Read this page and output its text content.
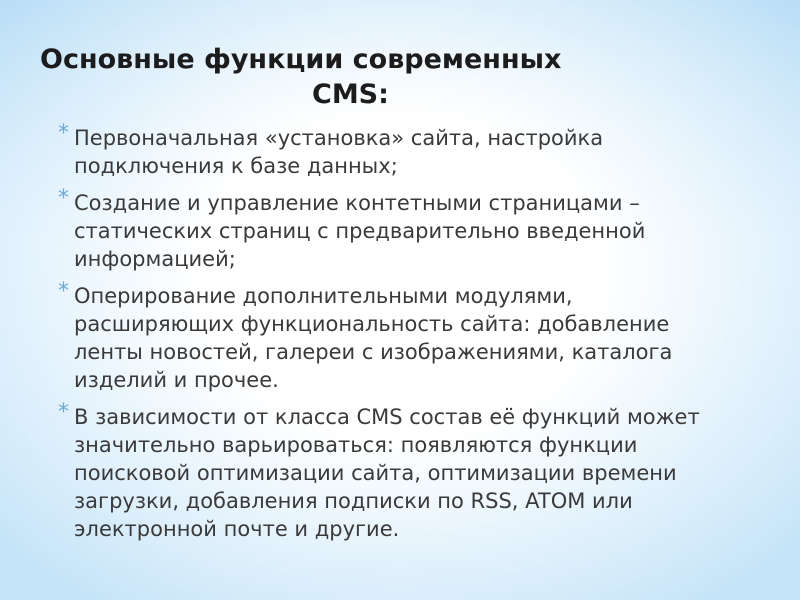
Основные функции современных
CMS:
* Первоначальная «установка» сайта, настройка подключения к базе данных;
* Создание и управление контетными страницами – статических страниц с предварительно введенной информацией;
* Оперирование дополнительными модулями, расширяющих функциональность сайта: добавление ленты новостей, галереи с изображениями, каталога изделий и прочее.
* В зависимости от класса CMS состав её функций может значительно варьироваться: появляются функции поисковой оптимизации сайта, оптимизации времени загрузки, добавления подписки по RSS, ATOM или электронной почте и другие.
